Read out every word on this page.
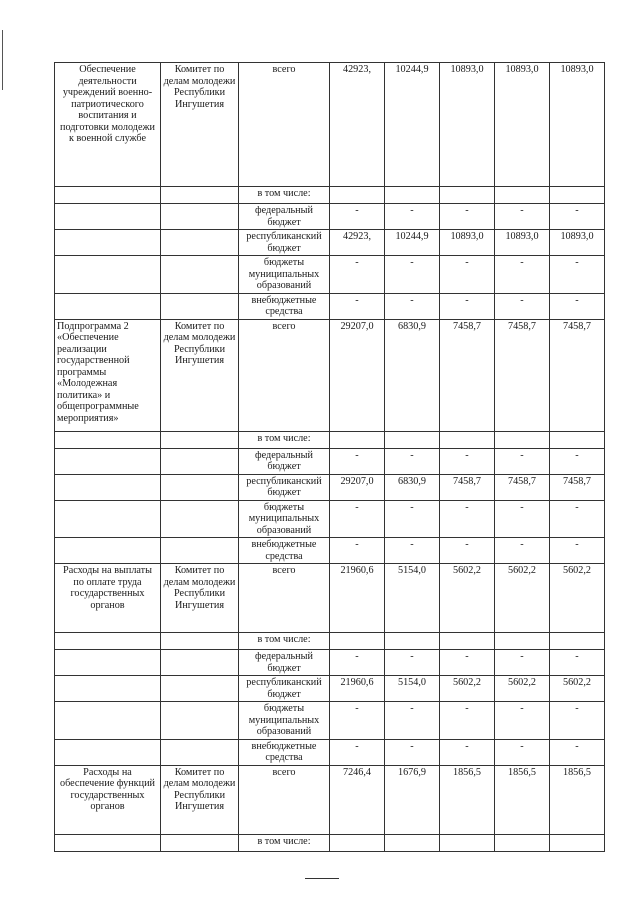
Обеспечение деятельности учреждений военно-патриотического воспитания и подготовки молодежи к военной службе	Комитет по делам молодежи Республики Ингушетия	всего	42923,	10244,9	10893,0	10893,0	10893,0
		в том числе:					
		федеральный бюджет	-	-	-	-	-
		республиканский бюджет	42923,	10244,9	10893,0	10893,0	10893,0
		бюджеты муниципальных образований	-	-	-	-	-
		внебюджетные средства	-	-	-	-	-
Подпрограмма 2 «Обеспечение реализации государственной программы «Молодежная политика» и общепрограммные мероприятия»	Комитет по делам молодежи Республики Ингушетия	всего	29207,0	6830,9	7458,7	7458,7	7458,7
		в том числе:					
		федеральный бюджет	-	-	-	-	-
		республиканский бюджет	29207,0	6830,9	7458,7	7458,7	7458,7
		бюджеты муниципальных образований	-	-	-	-	-
		внебюджетные средства	-	-	-	-	-
Расходы на выплаты по оплате труда государственных органов	Комитет по делам молодежи Республики Ингушетия	всего	21960,6	5154,0	5602,2	5602,2	5602,2
		в том числе:					
		федеральный бюджет	-	-	-	-	-
		республиканский бюджет	21960,6	5154,0	5602,2	5602,2	5602,2
		бюджеты муниципальных образований	-	-	-	-	-
		внебюджетные средства	-	-	-	-	-
Расходы на обеспечение функций государственных органов	Комитет по делам молодежи Республики Ингушетия	всего	7246,4	1676,9	1856,5	1856,5	1856,5
		в том числе:					
